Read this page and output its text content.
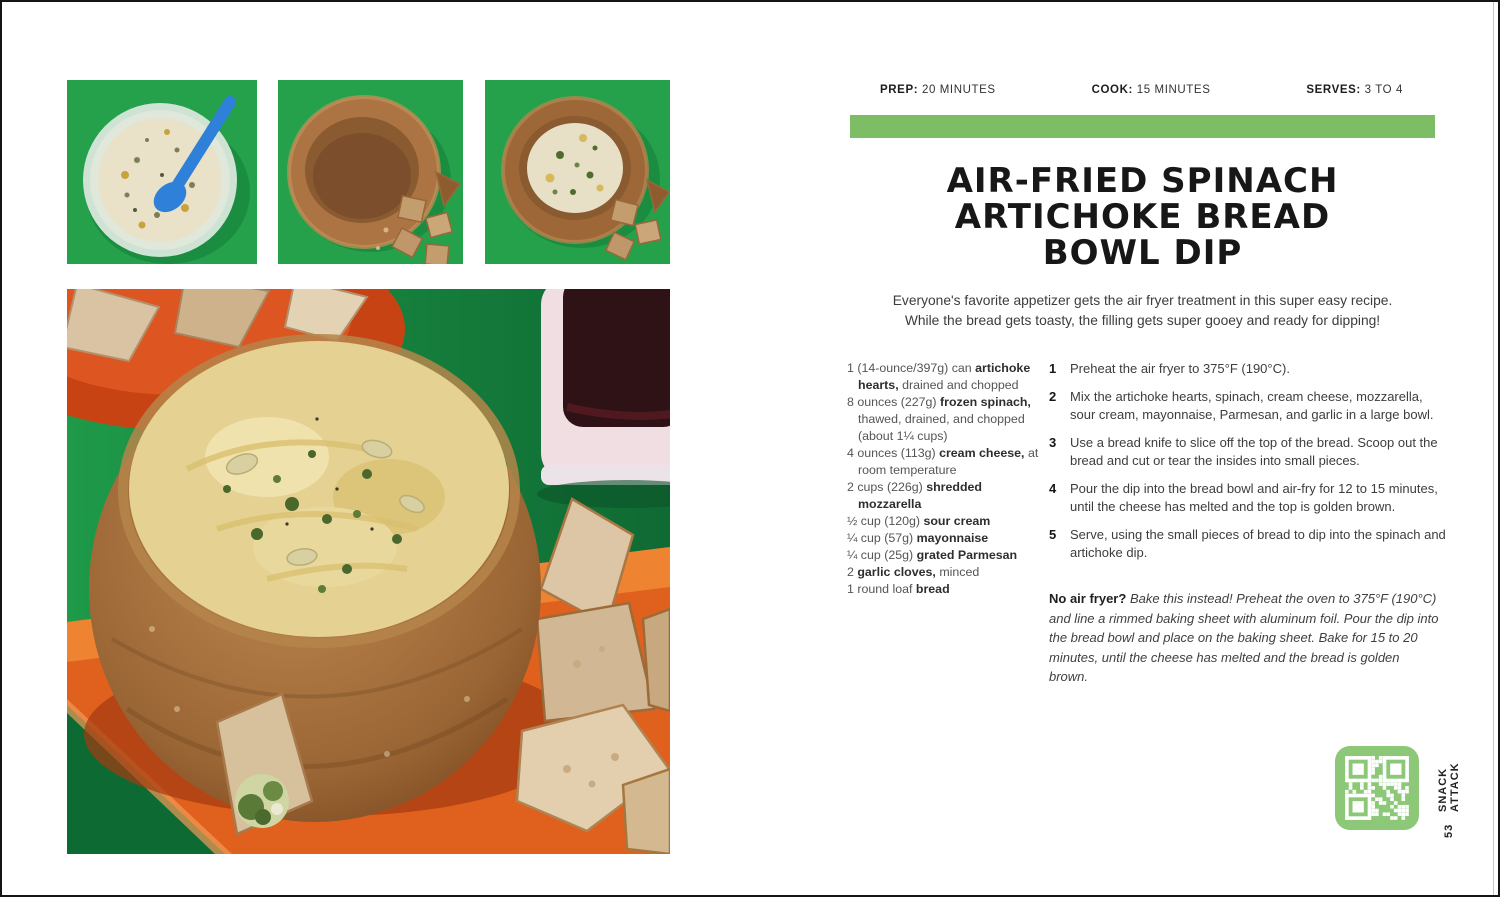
PREP: 20 MINUTES	COOK: 15 MINUTES	SERVES: 3 TO 4
AIR-FRIED SPINACH
ARTICHOKE BREAD
BOWL DIP
Everyone's favorite appetizer gets the air fryer treatment in this super easy recipe.
While the bread gets toasty, the filling gets super gooey and ready for dipping!

1 (14-ounce/397g) can artichoke hearts, drained and chopped

8 ounces (227g) frozen spinach, thawed, drained, and chopped (about 1¼ cups)

4 ounces (113g) cream cheese, at room temperature

2 cups (226g) shredded mozzarella

½ cup (120g) sour cream

¼ cup (57g) mayonnaise

¼ cup (25g) grated Parmesan

2 garlic cloves, minced

1 round loaf bread

1	Preheat the air fryer to 375°F (190°C).
2	Mix the artichoke hearts, spinach, cream cheese, mozzarella, sour cream, mayonnaise, Parmesan, and garlic in a large bowl.
3	Use a bread knife to slice off the top of the bread. Scoop out the bread and cut or tear the insides into small pieces.
4	Pour the dip into the bread bowl and air-fry for 12 to 15 minutes, until the cheese has melted and the top is golden brown.
5	Serve, using the small pieces of bread to dip into the spinach and artichoke dip.

No air fryer? Bake this instead! Preheat the oven to 375°F (190°C) and line a rimmed baking sheet with aluminum foil. Pour the dip into the bread bowl and place on the baking sheet. Bake for 15 to 20 minutes, until the cheese has melted and the bread is golden brown.

53
SNACK ATTACK
